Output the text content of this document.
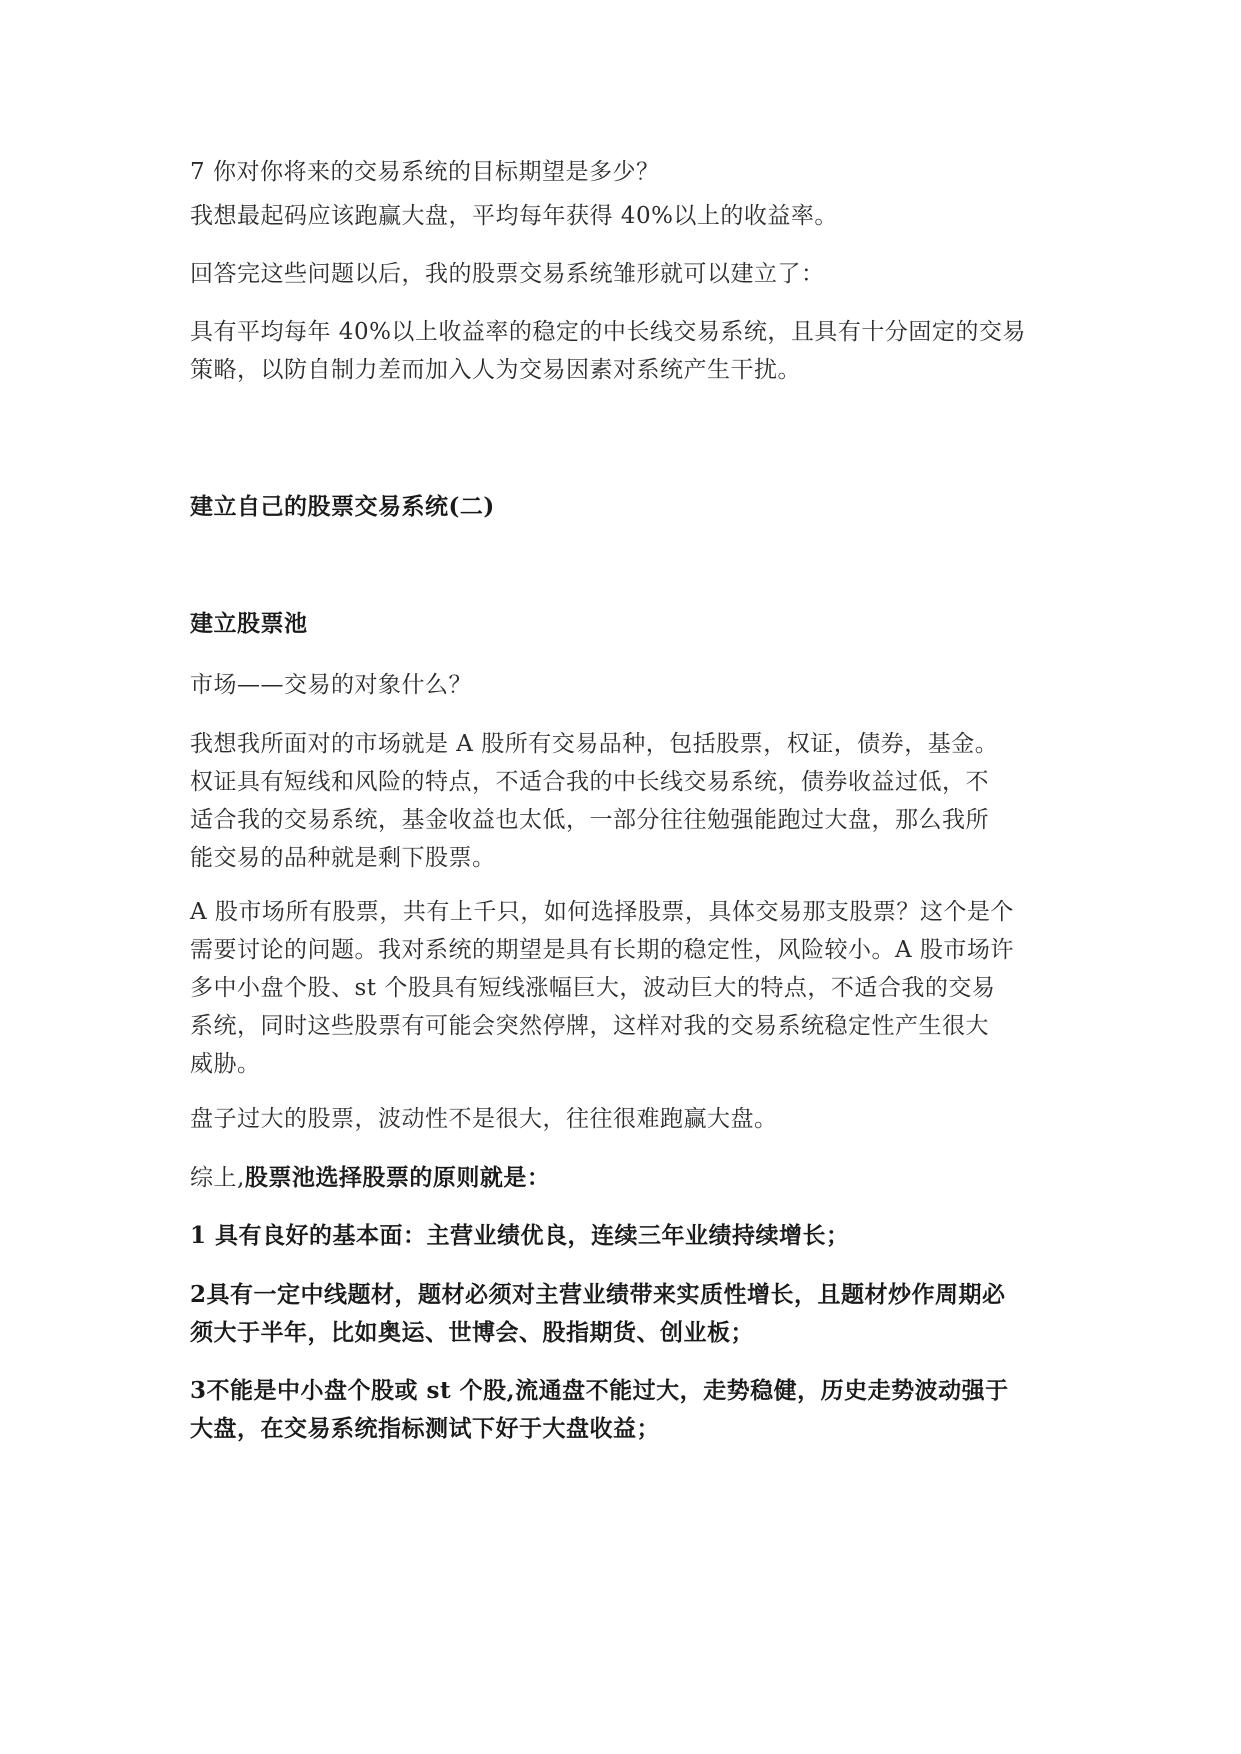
7 你对你将来的交易系统的目标期望是多少？

我想最起码应该跑赢大盘，平均每年获得 40%以上的收益率。

回答完这些问题以后，我的股票交易系统雏形就可以建立了：

具有平均每年 40%以上收益率的稳定的中长线交易系统，且具有十分固定的交易
策略，以防自制力差而加入人为交易因素对系统产生干扰。

建立自己的股票交易系统(二)
建立股票池

市场——交易的对象什么？

我想我所面对的市场就是 A 股所有交易品种，包括股票，权证，债券，基金。
权证具有短线和风险的特点，不适合我的中长线交易系统，债券收益过低，不
适合我的交易系统，基金收益也太低，一部分往往勉强能跑过大盘，那么我所
能交易的品种就是剩下股票。

A 股市场所有股票，共有上千只，如何选择股票，具体交易那支股票？这个是个
需要讨论的问题。我对系统的期望是具有长期的稳定性，风险较小。A 股市场许
多中小盘个股、st 个股具有短线涨幅巨大，波动巨大的特点，不适合我的交易
系统，同时这些股票有可能会突然停牌，这样对我的交易系统稳定性产生很大
威胁。

盘子过大的股票，波动性不是很大，往往很难跑赢大盘。

综上,股票池选择股票的原则就是：

1 具有良好的基本面：主营业绩优良，连续三年业绩持续增长；

2具有一定中线题材，题材必须对主营业绩带来实质性增长，且题材炒作周期必
须大于半年，比如奥运、世博会、股指期货、创业板；

3不能是中小盘个股或 st 个股,流通盘不能过大，走势稳健，历史走势波动强于
大盘，在交易系统指标测试下好于大盘收益；
